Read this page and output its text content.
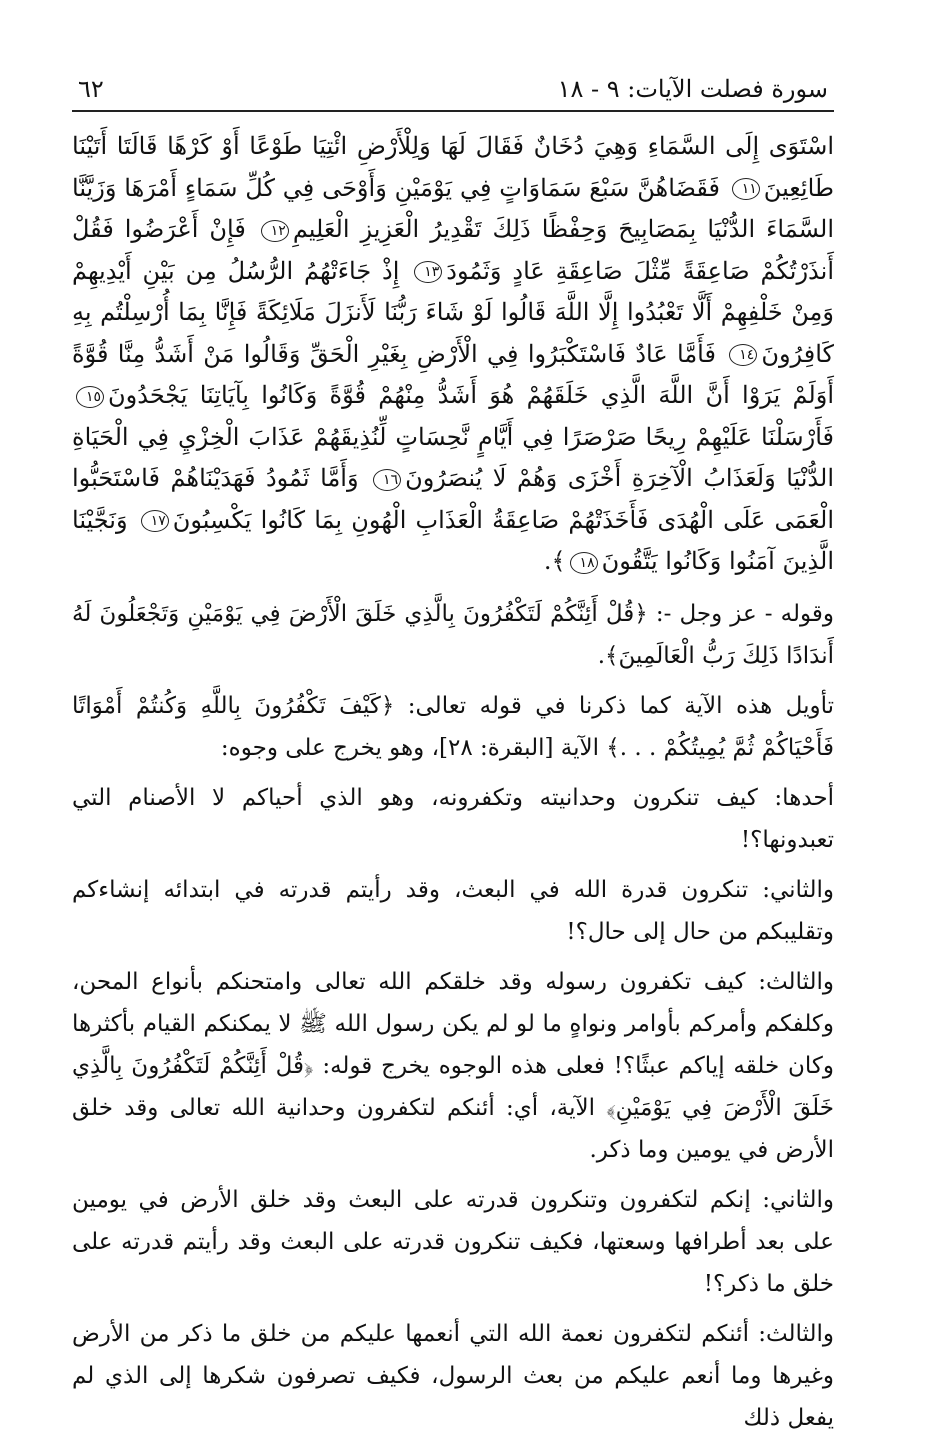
سورة فصلت الآيات: ٩ - ١٨
٦٢
اسْتَوَى إِلَى السَّمَاءِ وَهِيَ دُخَانٌ فَقَالَ لَهَا وَلِلْأَرْضِ ائْتِيَا طَوْعًا أَوْ كَرْهًا قَالَتَا أَتَيْنَا طَائِعِينَ١١ فَقَضَاهُنَّ سَبْعَ سَمَاوَاتٍ فِي يَوْمَيْنِ وَأَوْحَى فِي كُلِّ سَمَاءٍ أَمْرَهَا وَزَيَّنَّا السَّمَاءَ الدُّنْيَا بِمَصَابِيحَ وَحِفْظًا ذَلِكَ تَقْدِيرُ الْعَزِيزِ الْعَلِيمِ١٢ فَإِنْ أَعْرَضُوا فَقُلْ أَنذَرْتُكُمْ صَاعِقَةً مِّثْلَ صَاعِقَةِ عَادٍ وَثَمُودَ١٣ إِذْ جَاءَتْهُمُ الرُّسُلُ مِن بَيْنِ أَيْدِيهِمْ وَمِنْ خَلْفِهِمْ أَلَّا تَعْبُدُوا إِلَّا اللَّهَ قَالُوا لَوْ شَاءَ رَبُّنَا لَأَنزَلَ مَلَائِكَةً فَإِنَّا بِمَا أُرْسِلْتُم بِهِ كَافِرُونَ١٤ فَأَمَّا عَادٌ فَاسْتَكْبَرُوا فِي الْأَرْضِ بِغَيْرِ الْحَقِّ وَقَالُوا مَنْ أَشَدُّ مِنَّا قُوَّةً أَوَلَمْ يَرَوْا أَنَّ اللَّهَ الَّذِي خَلَقَهُمْ هُوَ أَشَدُّ مِنْهُمْ قُوَّةً وَكَانُوا بِآيَاتِنَا يَجْحَدُونَ١٥ فَأَرْسَلْنَا عَلَيْهِمْ رِيحًا صَرْصَرًا فِي أَيَّامٍ نَّحِسَاتٍ لِّنُذِيقَهُمْ عَذَابَ الْخِزْيِ فِي الْحَيَاةِ الدُّنْيَا وَلَعَذَابُ الْآخِرَةِ أَخْزَى وَهُمْ لَا يُنصَرُونَ١٦ وَأَمَّا ثَمُودُ فَهَدَيْنَاهُمْ فَاسْتَحَبُّوا الْعَمَى عَلَى الْهُدَى فَأَخَذَتْهُمْ صَاعِقَةُ الْعَذَابِ الْهُونِ بِمَا كَانُوا يَكْسِبُونَ١٧ وَنَجَّيْنَا الَّذِينَ آمَنُوا وَكَانُوا يَتَّقُونَ١٨﴾.

وقوله - عز وجل -: ﴿قُلْ أَئِنَّكُمْ لَتَكْفُرُونَ بِالَّذِي خَلَقَ الْأَرْضَ فِي يَوْمَيْنِ وَتَجْعَلُونَ لَهُ أَندَادًا ذَلِكَ رَبُّ الْعَالَمِينَ﴾.

تأويل هذه الآية كما ذكرنا في قوله تعالى: ﴿كَيْفَ تَكْفُرُونَ بِاللَّهِ وَكُنتُمْ أَمْوَاتًا فَأَحْيَاكُمْ ثُمَّ يُمِيتُكُمْ . . .﴾ الآية [البقرة: ٢٨]، وهو يخرج على وجوه:

أحدها: كيف تنكرون وحدانيته وتكفرونه، وهو الذي أحياكم لا الأصنام التي تعبدونها؟!

والثاني: تنكرون قدرة الله في البعث، وقد رأيتم قدرته في ابتدائه إنشاءكم وتقليبكم من حال إلى حال؟!

والثالث: كيف تكفرون رسوله وقد خلقكم الله تعالى وامتحنكم بأنواع المحن، وكلفكم وأمركم بأوامر ونواهٍ ما لو لم يكن رسول الله ﷺ لا يمكنكم القيام بأكثرها وكان خلقه إياكم عبثًا؟! فعلى هذه الوجوه يخرج قوله: ﴿قُلْ أَئِنَّكُمْ لَتَكْفُرُونَ بِالَّذِي خَلَقَ الْأَرْضَ فِي يَوْمَيْنِ﴾ الآية، أي: أئنكم لتكفرون وحدانية الله تعالى وقد خلق الأرض في يومين وما ذكر.

والثاني: إنكم لتكفرون وتنكرون قدرته على البعث وقد خلق الأرض في يومين على بعد أطرافها وسعتها، فكيف تنكرون قدرته على البعث وقد رأيتم قدرته على خلق ما ذكر؟!

والثالث: أئنكم لتكفرون نعمة الله التي أنعمها عليكم من خلق ما ذكر من الأرض وغيرها وما أنعم عليكم من بعث الرسول، فكيف تصرفون شكرها إلى الذي لم يفعل ذلك
